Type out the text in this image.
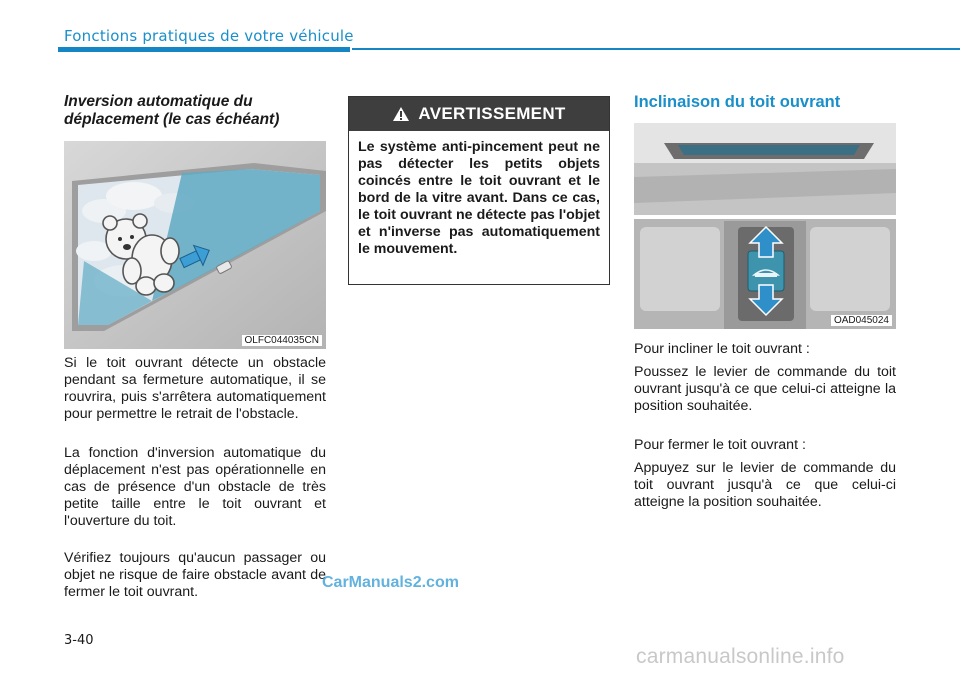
Fonctions pratiques de votre véhicule
Inversion automatique du déplacement (le cas échéant)
OLFC044035CN
Si le toit ouvrant détecte un obstacle pendant sa fermeture automatique, il se rouvrira, puis s'arrêtera automatiquement pour permettre le retrait de l'obstacle.
La fonction d'inversion automatique du déplacement n'est pas opérationnelle en cas de présence d'un obstacle de très petite taille entre le toit ouvrant et l'ouverture du toit.
Vérifiez toujours qu'aucun passager ou objet ne risque de faire obstacle avant de fermer le toit ouvrant.
AVERTISSEMENT
Le système anti-pincement peut ne pas détecter les petits objets coincés entre le toit ouvrant et le bord de la vitre avant. Dans ce cas, le toit ouvrant ne détecte pas l'objet et n'inverse pas automatiquement le mouvement.
Inclinaison du toit ouvrant
OAD045024
Pour incliner le toit ouvrant :
Poussez le levier de commande du toit ouvrant jusqu'à ce que celui-ci atteigne la position souhaitée.
Pour fermer le toit ouvrant :
Appuyez sur le levier de commande du toit ouvrant jusqu'à ce que celui-ci atteigne la position souhaitée.
CarManuals2.com
3-40
carmanualsonline.info
